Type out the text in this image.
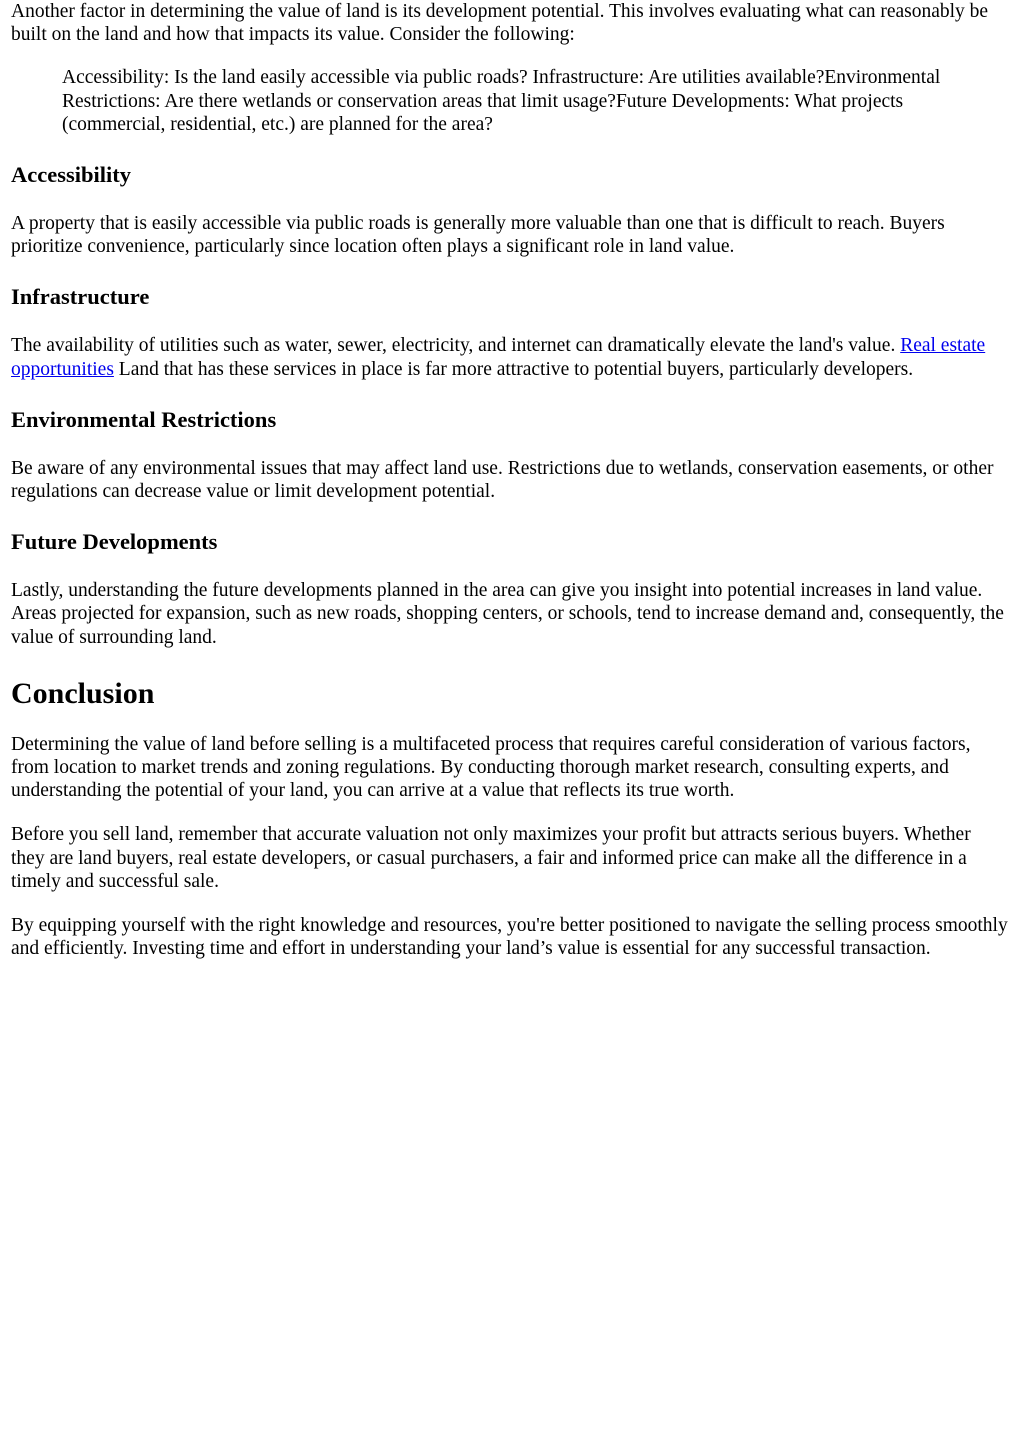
Another factor in determining the value of land is its development potential. This involves evaluating what can reasonably be built on the land and how that impacts its value. Consider the following:

Accessibility: Is the land easily accessible via public roads? Infrastructure: Are utilities available?Environmental Restrictions: Are there wetlands or conservation areas that limit usage?Future Developments: What projects (commercial, residential, etc.) are planned for the area?
Accessibility

A property that is easily accessible via public roads is generally more valuable than one that is difficult to reach. Buyers prioritize convenience, particularly since location often plays a significant role in land value.

Infrastructure

The availability of utilities such as water, sewer, electricity, and internet can dramatically elevate the land's value. Real estate opportunities Land that has these services in place is far more attractive to potential buyers, particularly developers.

Environmental Restrictions

Be aware of any environmental issues that may affect land use. Restrictions due to wetlands, conservation easements, or other regulations can decrease value or limit development potential.

Future Developments

Lastly, understanding the future developments planned in the area can give you insight into potential increases in land value. Areas projected for expansion, such as new roads, shopping centers, or schools, tend to increase demand and, consequently, the value of surrounding land.

Conclusion

Determining the value of land before selling is a multifaceted process that requires careful consideration of various factors, from location to market trends and zoning regulations. By conducting thorough market research, consulting experts, and understanding the potential of your land, you can arrive at a value that reflects its true worth.

Before you sell land, remember that accurate valuation not only maximizes your profit but attracts serious buyers. Whether they are land buyers, real estate developers, or casual purchasers, a fair and informed price can make all the difference in a timely and successful sale.

By equipping yourself with the right knowledge and resources, you're better positioned to navigate the selling process smoothly and efficiently. Investing time and effort in understanding your land’s value is essential for any successful transaction.
